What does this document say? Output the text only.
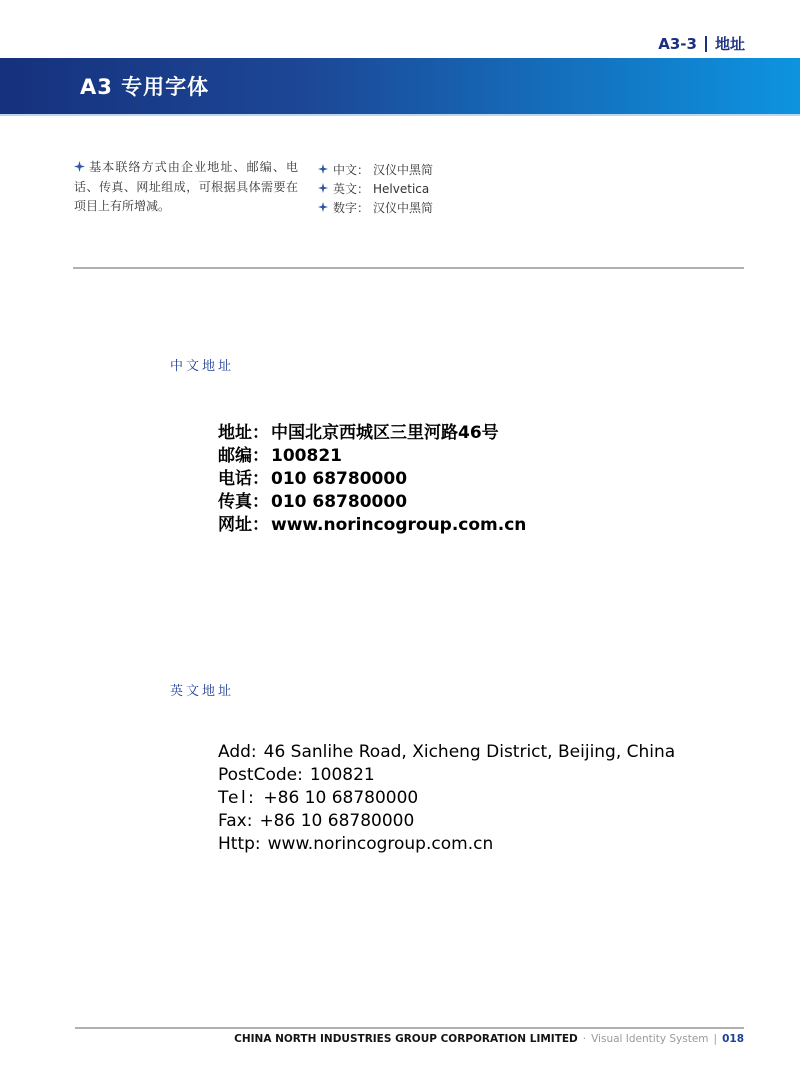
A3-3 地址
A3 专用字体
基本联络方式由企业地址、邮编、电话、传真、网址组成，可根据具体需要在项目上有所增减。
中文： 汉仪中黑简
英文： Helvetica
数字： 汉仪中黑简
中文地址
地址： 中国北京西城区三里河路46号
邮编： 100821
电话： 010 68780000
传真： 010 68780000
网址： www.norincogroup.com.cn
英文地址
Add: 46 Sanlihe Road, Xicheng District, Beijing, China
PostCode: 100821
Tel: +86 10 68780000
Fax: +86 10 68780000
Http: www.norincogroup.com.cn
CHINA NORTH INDUSTRIES GROUP CORPORATION LIMITED · Visual Identity System | 018
